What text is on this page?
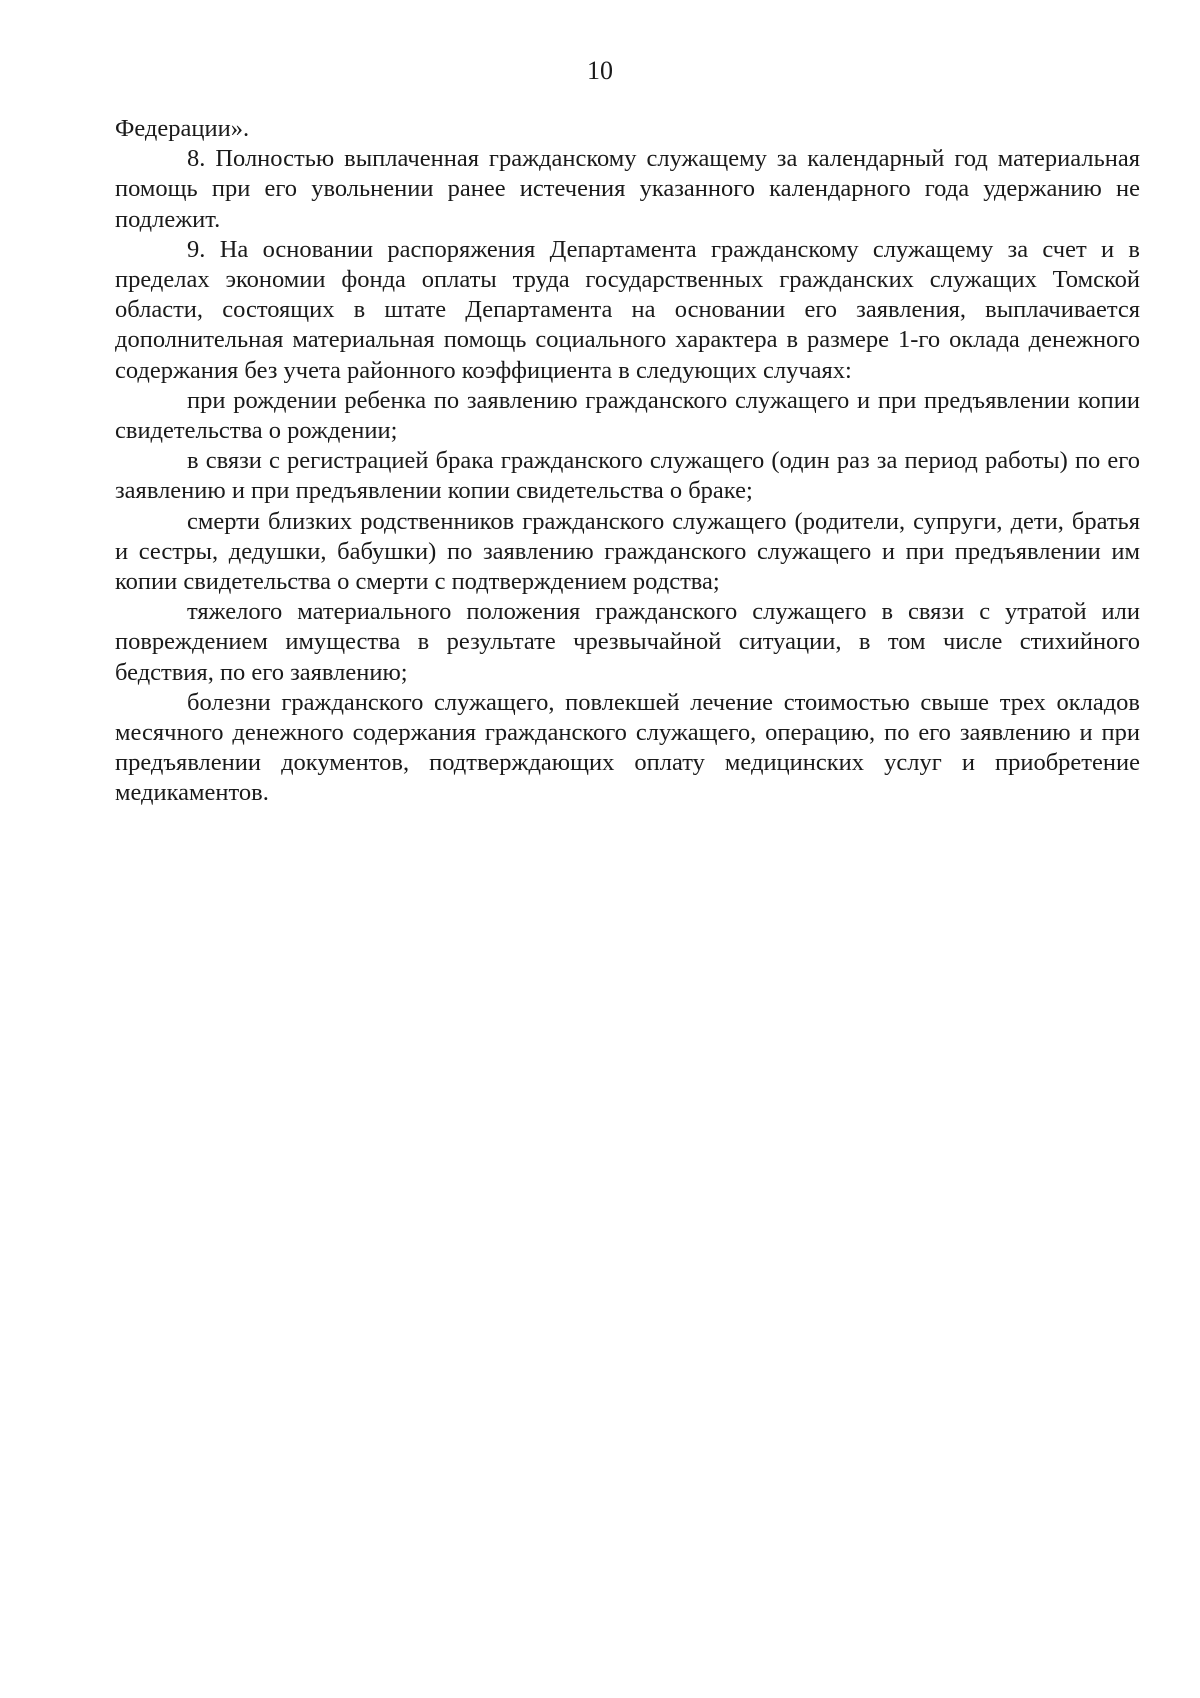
10

Федерации».

8. Полностью выплаченная гражданскому служащему за календарный год материальная помощь при его увольнении ранее истечения указанного календарного года удержанию не подлежит.

9. На основании распоряжения Департамента гражданскому служащему за счет и в пределах экономии фонда оплаты труда государственных гражданских служащих Томской области, состоящих в штате Департамента на основании его заявления, выплачивается дополнительная материальная помощь социального характера в размере 1-го оклада денежного содержания без учета районного коэффициента в следующих случаях:

при рождении ребенка по заявлению гражданского служащего и при предъявлении копии свидетельства о рождении;

в связи с регистрацией брака гражданского служащего (один раз за период работы) по его заявлению и при предъявлении копии свидетельства о браке;

смерти близких родственников гражданского служащего (родители, супруги, дети, братья и сестры, дедушки, бабушки) по заявлению гражданского служащего и при предъявлении им копии свидетельства о смерти с подтверждением родства;

тяжелого материального положения гражданского служащего в связи с утратой или повреждением имущества в результате чрезвычайной ситуации, в том числе стихийного бедствия, по его заявлению;

болезни гражданского служащего, повлекшей лечение стоимостью свыше трех окладов месячного денежного содержания гражданского служащего, операцию, по его заявлению и при предъявлении документов, подтверждающих оплату медицинских услуг и приобретение медикаментов.
